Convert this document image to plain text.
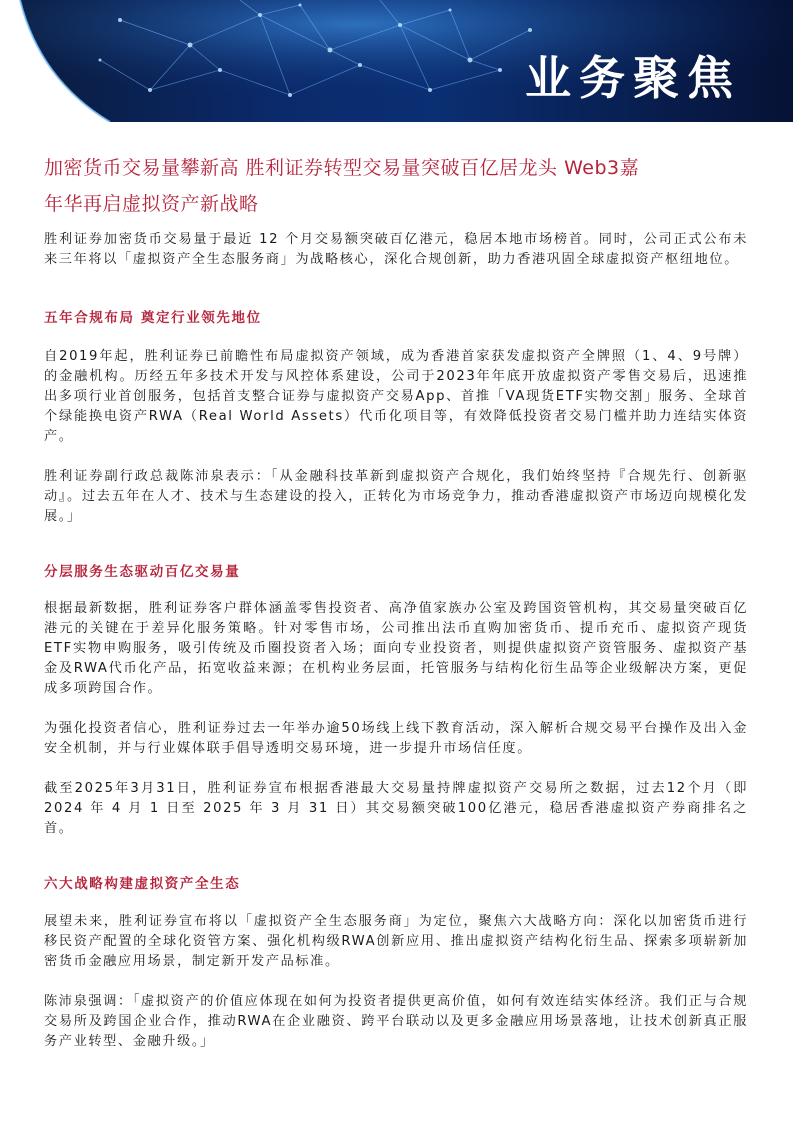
业务聚焦
加密货币交易量攀新高 胜利证券转型交易量突破百亿居龙头 Web3嘉
年华再启虚拟资产新战略

胜利证券加密货币交易量于最近 12 个月交易额突破百亿港元，稳居本地市场榜首。同时，公司正式公布未来三年将以「虚拟资产全生态服务商」为战略核心，深化合规创新，助力香港巩固全球虚拟资产枢纽地位。

五年合规布局 奠定行业领先地位

自2019年起，胜利证券已前瞻性布局虚拟资产领域，成为香港首家获发虚拟资产全牌照（1、4、9号牌）的金融机构。历经五年多技术开发与风控体系建设，公司于2023年年底开放虚拟资产零售交易后，迅速推出多项行业首创服务，包括首支整合证券与虚拟资产交易App、首推「VA现货ETF实物交割」服务、全球首个绿能换电资产RWA（Real World Assets）代币化项目等，有效降低投资者交易门槛并助力连结实体资产。

胜利证券副行政总裁陈沛泉表示：「从金融科技革新到虚拟资产合规化，我们始终坚持『合规先行、创新驱动』。过去五年在人才、技术与生态建设的投入，正转化为市场竞争力，推动香港虚拟资产市场迈向规模化发展。」

分层服务生态驱动百亿交易量

根据最新数据，胜利证券客户群体涵盖零售投资者、高净值家族办公室及跨国资管机构，其交易量突破百亿港元的关键在于差异化服务策略。针对零售市场，公司推出法币直购加密货币、提币充币、虚拟资产现货ETF实物申购服务，吸引传统及币圈投资者入场；面向专业投资者，则提供虚拟资产资管服务、虚拟资产基金及RWA代币化产品，拓宽收益来源；在机构业务层面，托管服务与结构化衍生品等企业级解决方案，更促成多项跨国合作。

为强化投资者信心，胜利证券过去一年举办逾50场线上线下教育活动，深入解析合规交易平台操作及出入金安全机制，并与行业媒体联手倡导透明交易环境，进一步提升市场信任度。

截至2025年3月31日，胜利证券宣布根据香港最大交易量持牌虚拟资产交易所之数据，过去12个月（即 2024 年 4 月 1 日至 2025 年 3 月 31 日）其交易额突破100亿港元，稳居香港虚拟资产券商排名之首。

六大战略构建虚拟资产全生态

展望未来，胜利证券宣布将以「虚拟资产全生态服务商」为定位，聚焦六大战略方向：深化以加密货币进行移民资产配置的全球化资管方案、强化机构级RWA创新应用、推出虚拟资产结构化衍生品、探索多项崭新加密货币金融应用场景，制定新开发产品标准。

陈沛泉强调：「虚拟资产的价值应体现在如何为投资者提供更高价值，如何有效连结实体经济。我们正与合规交易所及跨国企业合作，推动RWA在企业融资、跨平台联动以及更多金融应用场景落地，让技术创新真正服务产业转型、金融升级。」
